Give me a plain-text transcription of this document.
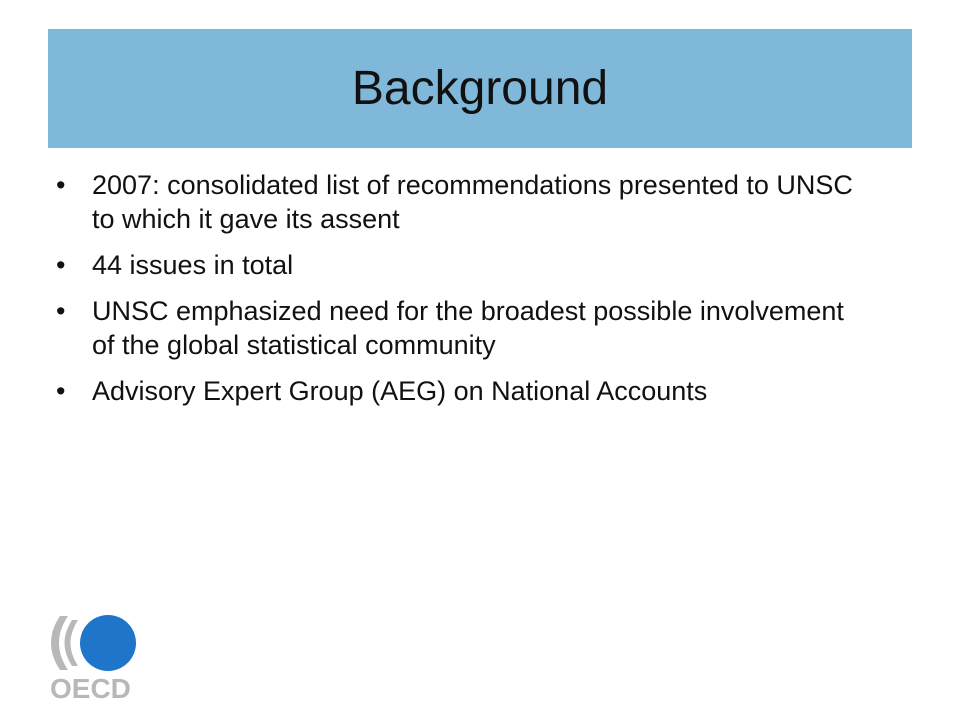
Background
• 2007: consolidated list of recommendations presented to UNSC to which it gave its assent
• 44 issues in total
• UNSC emphasized need for the broadest possible involvement of the global statistical community
• Advisory Expert Group (AEG) on National Accounts
OECD
